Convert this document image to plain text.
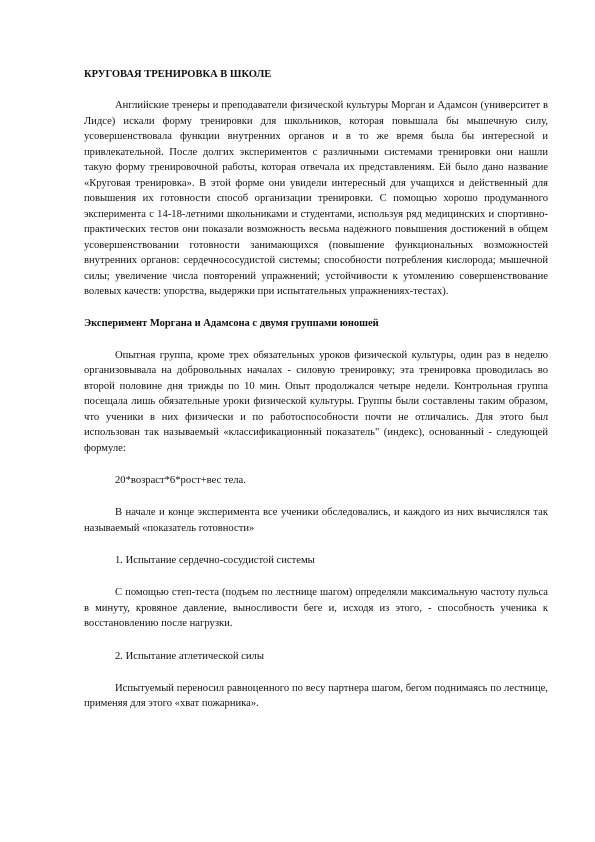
КРУГОВАЯ ТРЕНИРОВКА В ШКОЛЕ

Английские тренеры и преподаватели физической культуры Морган и Адамсон (университет в Лидсе) искали форму тренировки для школьников, которая повышала бы мышечную силу, усовершенствовала функции внутренних органов и в то же время была бы интересной и привлекательной. После долгих экспериментов с различными системами тренировки они нашли такую форму тренировочной работы, которая отвечала их представлениям. Ей было дано название «Круговая тренировка». В этой форме они увидели интересный для учащихся и действенный для повышения их готовности способ организации тренировки. С помощью хорошо продуманного эксперимента с 14-18-летними школьниками и студентами, используя ряд медицинских и спортивно-практических тестов они показали возможность весьма надежного повышения достижений в общем усовершенствовании готовности занимающихся (повышение функциональных возможностей внутренних органов: сердечнососудистой системы; способности потребления кислорода; мышечной силы; увеличение числа повторений упражнений; устойчивости к утомлению совершенствование волевых качеств: упорства, выдержки при испытательных упражнениях-тестах).

Эксперимент Моргана и Адамсона с двумя группами юношей

Опытная группа, кроме трех обязательных уроков физической культуры, один раз в неделю организовывала на добровольных началах - силовую тренировку; эта тренировка проводилась во второй половине дня трижды по 10 мин. Опыт продолжался четыре недели. Контрольная группа посещала лишь обязательные уроки физической культуры. Группы были составлены таким образом, что ученики в них физически и по работоспособности почти не отличались. Для этого был использован так называемый «классификационный показатель" (индекс), основанный - следующей формуле:

20*возраст*6*рост+вес тела.

В начале и конце эксперимента все ученики обследовались, и каждого из них вычислялся так называемый «показатель готовности»

1. Испытание сердечно-сосудистой системы

С помощью степ-теста (подъем по лестнице шагом) определяли максимальную частоту пульса в минуту, кровяное давление, выносливости беге и, исходя из этого, - способность ученика к восстановлению после нагрузки.

2. Испытание атлетической силы

Испытуемый переносил равноценного по весу партнера шагом, бегом поднимаясь по лестнице, применяя для этого «хват пожарника».
